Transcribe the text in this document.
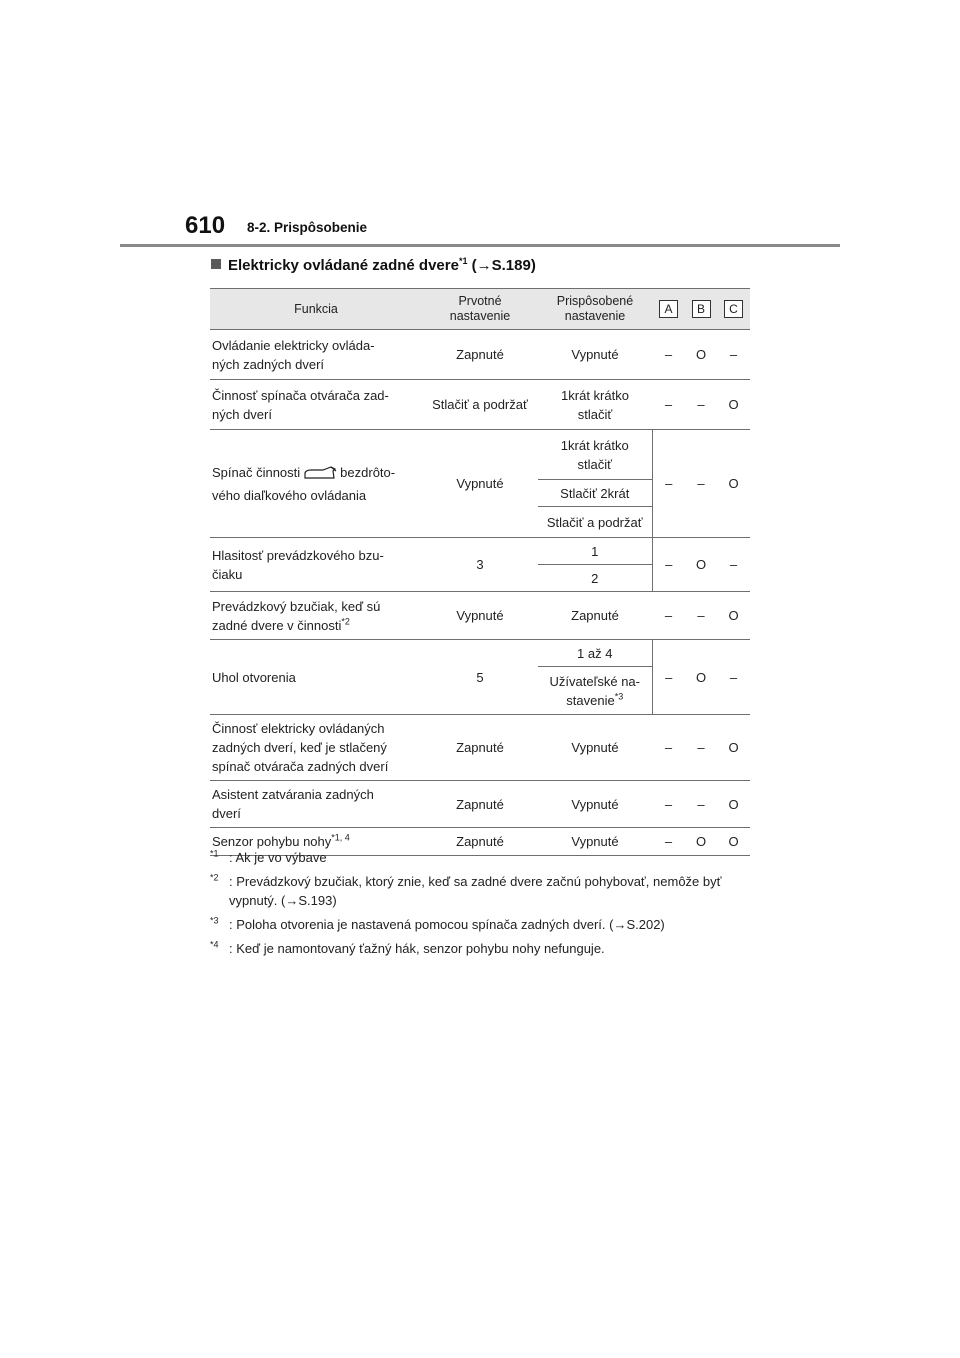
610 8-2. Prispôsobenie
Elektricky ovládané zadné dvere$^{*1}$ (→S.189)
Funkcia	Prvotné
nastavenie	Prispôsobené
nastavenie	A	B	C
Ovládanie elektricky ovláda-
ných zadných dverí	Zapnuté	Vypnuté	–	O	–
Činnosť spínača otvárača zad-
ných dverí	Stlačiť a podržať	1krát krátko
stlačiť	–	–	O
Spínač činnosti bezdrôto-
vého diaľkového ovládania	Vypnuté	1krát krátko
stlačiť	–	–	O
		Stlačiť 2krát			
		Stlačiť a podržať			
Hlasitosť prevádzkového bzu-
čiaku	3	1	–	O	–
		2			
Prevádzkový bzučiak, keď sú
zadné dvere v činnosti$^{*2}$	Vypnuté	Zapnuté	–	–	O
Uhol otvorenia	5	1 až 4	–	O	–
		Užívateľské na-
stavenie$^{*3}$
Činnosť elektricky ovládaných
zadných dverí, keď je stlačený
spínač otvárača zadných dverí	Zapnuté	Vypnuté	–	–	O
Asistent zatvárania zadných
dverí	Zapnuté	Vypnuté	–	–	O
Senzor pohybu nohy$^{*1, 4}$	Zapnuté	Vypnuté	–	O	O
$^{*1}$ : Ak je vo výbave
$^{*2}$ : Prevádzkový bzučiak, ktorý znie, keď sa zadné dvere začnú pohybovať, nemôže byť vypnutý. (→S.193)
$^{*3}$ : Poloha otvorenia je nastavená pomocou spínača zadných dverí. (→S.202)
$^{*4}$ : Keď je namontovaný ťažný hák, senzor pohybu nohy nefunguje.
